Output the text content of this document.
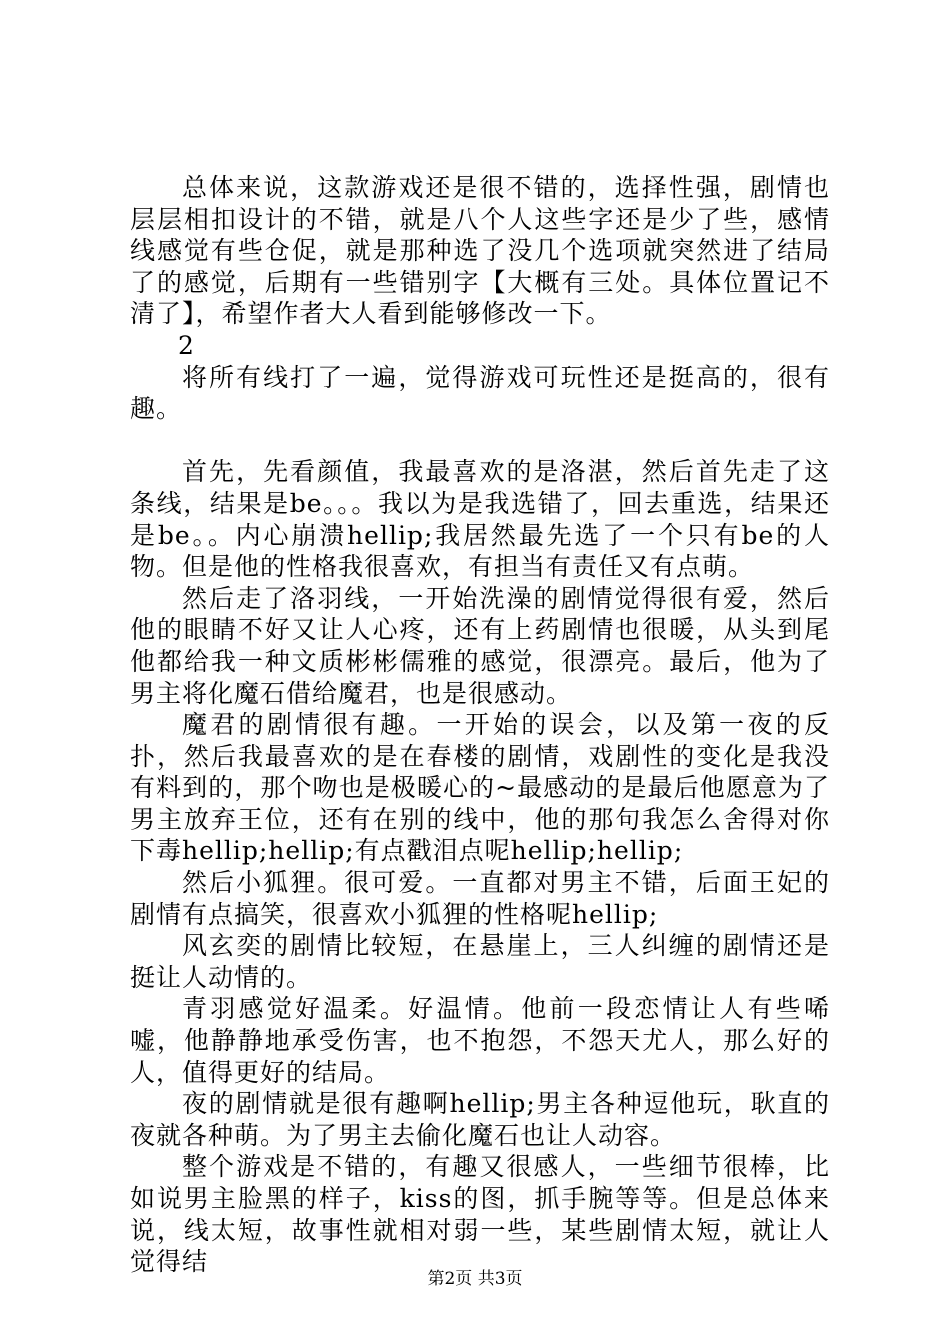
总体来说，这款游戏还是很不错的，选择性强，剧情也层层相扣设计的不错，就是八个人这些字还是少了些，感情线感觉有些仓促，就是那种选了没几个选项就突然进了结局了的感觉，后期有一些错别字【大概有三处。具体位置记不清了】，希望作者大人看到能够修改一下。

2

将所有线打了一遍，觉得游戏可玩性还是挺高的，很有趣。

首先，先看颜值，我最喜欢的是洛湛，然后首先走了这条线，结果是be。。。我以为是我选错了，回去重选，结果还是be。。内心崩溃hellip;我居然最先选了一个只有be的人物。但是他的性格我很喜欢，有担当有责任又有点萌。

然后走了洛羽线，一开始洗澡的剧情觉得很有爱，然后他的眼睛不好又让人心疼，还有上药剧情也很暖，从头到尾他都给我一种文质彬彬儒雅的感觉，很漂亮。最后，他为了男主将化魔石借给魔君，也是很感动。

魔君的剧情很有趣。一开始的误会，以及第一夜的反扑，然后我最喜欢的是在春楼的剧情，戏剧性的变化是我没有料到的，那个吻也是极暖心的~最感动的是最后他愿意为了男主放弃王位，还有在别的线中，他的那句我怎么舍得对你下毒hellip;hellip;有点戳泪点呢hellip;hellip;

然后小狐狸。很可爱。一直都对男主不错，后面王妃的剧情有点搞笑，很喜欢小狐狸的性格呢hellip;

风玄奕的剧情比较短，在悬崖上，三人纠缠的剧情还是挺让人动情的。

青羽感觉好温柔。好温情。他前一段恋情让人有些唏嘘，他静静地承受伤害，也不抱怨，不怨天尤人，那么好的人，值得更好的结局。

夜的剧情就是很有趣啊hellip;男主各种逗他玩，耿直的夜就各种萌。为了男主去偷化魔石也让人动容。

整个游戏是不错的，有趣又很感人，一些细节很棒，比如说男主脸黑的样子，kiss的图，抓手腕等等。但是总体来说，线太短，故事性就相对弱一些，某些剧情太短，就让人觉得结

第2页 共3页
